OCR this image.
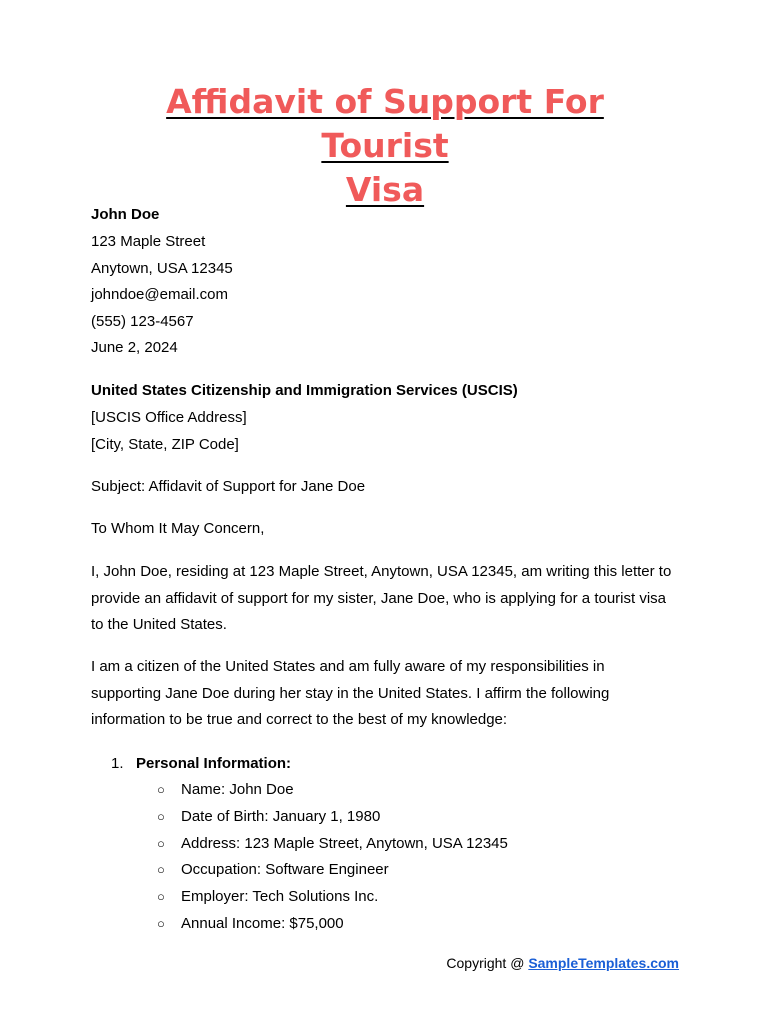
Affidavit of Support For Tourist
Visa
John Doe
123 Maple Street
Anytown, USA 12345
johndoe@email.com
(555) 123-4567
June 2, 2024
United States Citizenship and Immigration Services (USCIS)
[USCIS Office Address]
[City, State, ZIP Code]
Subject: Affidavit of Support for Jane Doe
To Whom It May Concern,
I, John Doe, residing at 123 Maple Street, Anytown, USA 12345, am writing this letter to
provide an affidavit of support for my sister, Jane Doe, who is applying for a tourist visa
to the United States.
I am a citizen of the United States and am fully aware of my responsibilities in
supporting Jane Doe during her stay in the United States. I affirm the following
information to be true and correct to the best of my knowledge:
1. Personal Information:
○ Name: John Doe
○ Date of Birth: January 1, 1980
○ Address: 123 Maple Street, Anytown, USA 12345
○ Occupation: Software Engineer
○ Employer: Tech Solutions Inc.
○ Annual Income: $75,000
Copyright @ SampleTemplates.com
